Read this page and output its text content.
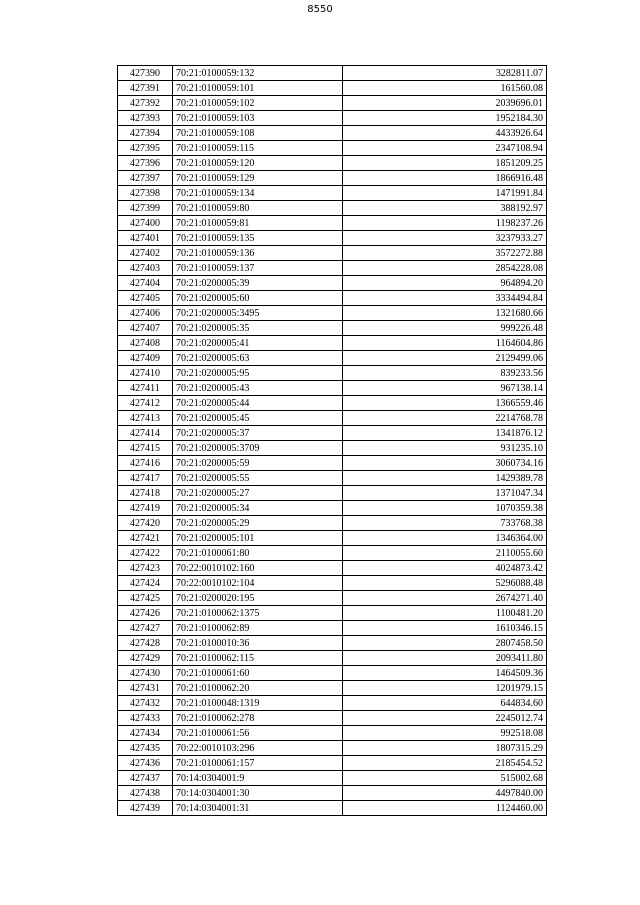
8550
427390	70:21:0100059:132	3282811.07
427391	70:21:0100059:101	161560.08
427392	70:21:0100059:102	2039696.01
427393	70:21:0100059:103	1952184.30
427394	70:21:0100059:108	4433926.64
427395	70:21:0100059:115	2347108.94
427396	70:21:0100059:120	1851209.25
427397	70:21:0100059:129	1866916.48
427398	70:21:0100059:134	1471991.84
427399	70:21:0100059:80	388192.97
427400	70:21:0100059:81	1198237.26
427401	70:21:0100059:135	3237933.27
427402	70:21:0100059:136	3572272.88
427403	70:21:0100059:137	2854228.08
427404	70:21:0200005:39	964894.20
427405	70:21:0200005:60	3334494.84
427406	70:21:0200005:3495	1321680.66
427407	70:21:0200005:35	999226.48
427408	70:21:0200005:41	1164604.86
427409	70:21:0200005:63	2129499.06
427410	70:21:0200005:95	839233.56
427411	70:21:0200005:43	967138.14
427412	70:21:0200005:44	1366559.46
427413	70:21:0200005:45	2214768.78
427414	70:21:0200005:37	1341876.12
427415	70:21:0200005:3709	931235.10
427416	70:21:0200005:59	3060734.16
427417	70:21:0200005:55	1429389.78
427418	70:21:0200005:27	1371047.34
427419	70:21:0200005:34	1070359.38
427420	70:21:0200005:29	733768.38
427421	70:21:0200005:101	1346364.00
427422	70:21:0100061:80	2110055.60
427423	70:22:0010102:160	4024873.42
427424	70:22:0010102:104	5296088.48
427425	70:21:0200020:195	2674271.40
427426	70:21:0100062:1375	1100481.20
427427	70:21:0100062:89	1610346.15
427428	70:21:0100010:36	2807458.50
427429	70:21:0100062:115	2093411.80
427430	70:21:0100061:60	1464509.36
427431	70:21:0100062:20	1201979.15
427432	70:21:0100048:1319	644834.60
427433	70:21:0100062:278	2245012.74
427434	70:21:0100061:56	992518.08
427435	70:22:0010103:296	1807315.29
427436	70:21:0100061:157	2185454.52
427437	70:14:0304001:9	515002.68
427438	70:14:0304001:30	4497840.00
427439	70:14:0304001:31	1124460.00
